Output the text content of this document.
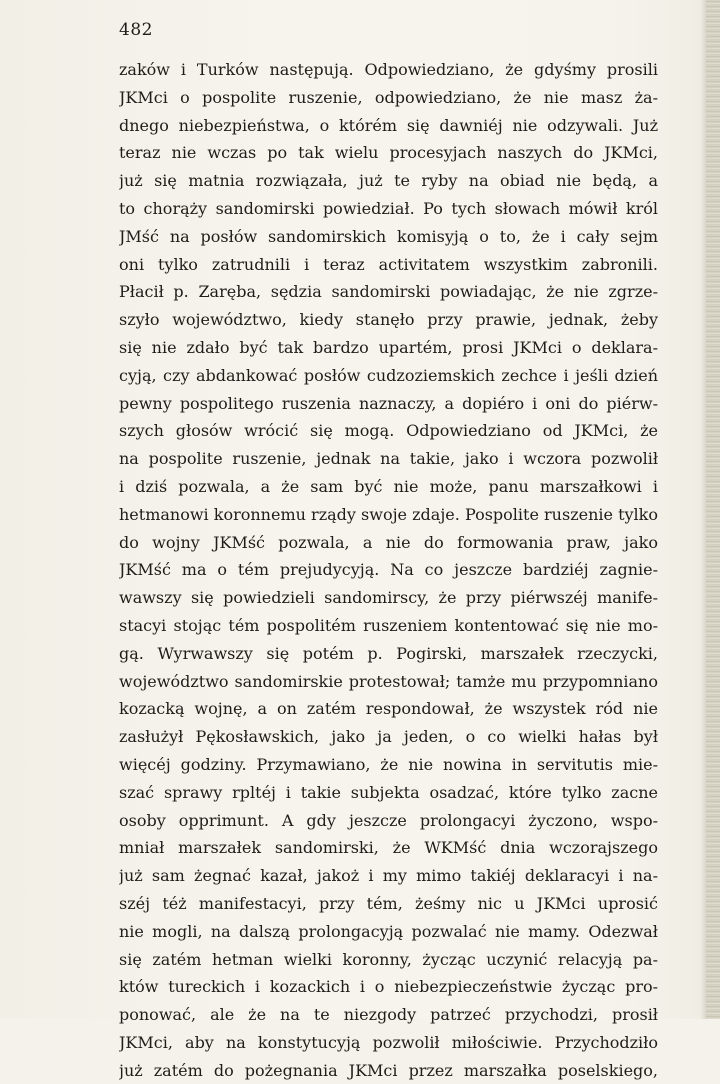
482
zaków i Turków następują. Odpowiedziano, że gdyśmy prosili
JKMci o pospolite ruszenie, odpowiedziano, że nie masz ża-
dnego niebezpieństwa, o którém się dawniéj nie odzywali. Już
teraz nie wczas po tak wielu procesyjach naszych do JKMci,
już się matnia rozwiązała, już te ryby na obiad nie będą, a
to chorąży sandomirski powiedział. Po tych słowach mówił król
JMść na posłów sandomirskich komisyją o to, że i cały sejm
oni tylko zatrudnili i teraz activitatem wszystkim zabronili.
Płacił p. Zaręba, sędzia sandomirski powiadając, że nie zgrze-
szyło województwo, kiedy stanęło przy prawie, jednak, żeby
się nie zdało być tak bardzo upartém, prosi JKMci o deklara-
cyją, czy abdankować posłów cudzoziemskich zechce i jeśli dzień
pewny pospolitego ruszenia naznaczy, a dopiéro i oni do piérw-
szych głosów wrócić się mogą. Odpowiedziano od JKMci, że
na pospolite ruszenie, jednak na takie, jako i wczora pozwolił
i dziś pozwala, a że sam być nie może, panu marszałkowi i
hetmanowi koronnemu rządy swoje zdaje. Pospolite ruszenie tylko
do wojny JKMść pozwala, a nie do formowania praw, jako
JKMść ma o tém prejudycyją. Na co jeszcze bardziéj zagnie-
wawszy się powiedzieli sandomirscy, że przy piérwszéj manife-
stacyi stojąc tém pospolitém ruszeniem kontentować się nie mo-
gą. Wyrwawszy się potém p. Pogirski, marszałek rzeczycki,
województwo sandomirskie protestował; tamże mu przypomniano
kozacką wojnę, a on zatém respondował, że wszystek ród nie
zasłużył Pękosławskich, jako ja jeden, o co wielki hałas był
więcéj godziny. Przymawiano, że nie nowina in servitutis mie-
szać sprawy rpltéj i takie subjekta osadzać, które tylko zacne
osoby opprimunt. A gdy jeszcze prolongacyi życzono, wspo-
mniał marszałek sandomirski, że WKMść dnia wczorajszego
już sam żegnać kazał, jakoż i my mimo takiéj deklaracyi i na-
széj téż manifestacyi, przy tém, żeśmy nic u JKMci uprosić
nie mogli, na dalszą prolongacyją pozwalać nie mamy. Odezwał
się zatém hetman wielki koronny, życząc uczynić relacyją pa-
któw tureckich i kozackich i o niebezpieczeństwie życząc pro-
ponować, ale że na te niezgody patrzeć przychodzi, prosił
JKMci, aby na konstytucyją pozwolił miłościwie. Przychodziło
już zatém do pożegnania JKMci przez marszałka poselskiego,
